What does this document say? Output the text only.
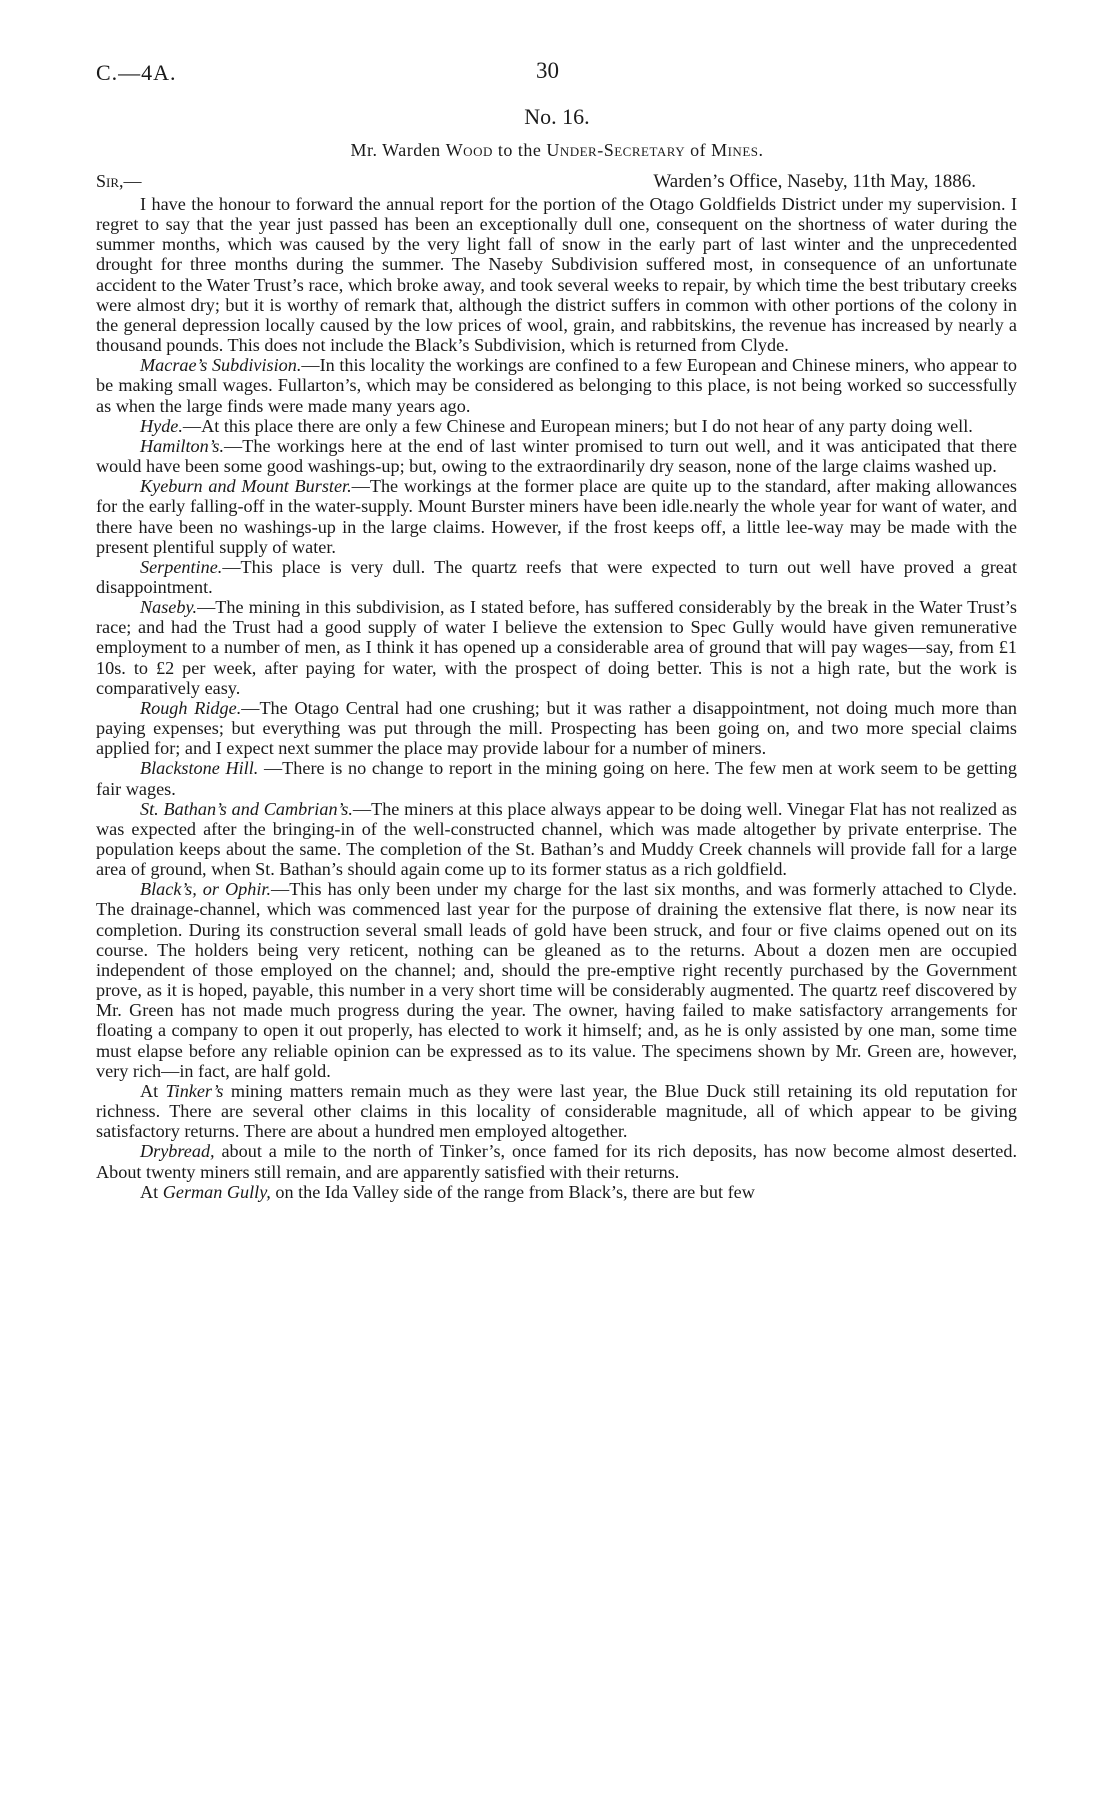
C.—4A.	30
No. 16.
Mr. Warden Wood to the Under-Secretary of Mines.
Sir,—	Warden’s Office, Naseby, 11th May, 1886.

I have the honour to forward the annual report for the portion of the Otago Goldfields District under my supervision. I regret to say that the year just passed has been an exceptionally dull one, consequent on the shortness of water during the summer months, which was caused by the very light fall of snow in the early part of last winter and the unprecedented drought for three months during the summer. The Naseby Subdivision suffered most, in consequence of an unfortunate accident to the Water Trust’s race, which broke away, and took several weeks to repair, by which time the best tributary creeks were almost dry; but it is worthy of remark that, although the district suffers in common with other portions of the colony in the general depression locally caused by the low prices of wool, grain, and rabbitskins, the revenue has increased by nearly a thousand pounds. This does not include the Black’s Subdivision, which is returned from Clyde.

Macrae’s Subdivision.—In this locality the workings are confined to a few European and Chinese miners, who appear to be making small wages. Fullarton’s, which may be considered as belonging to this place, is not being worked so successfully as when the large finds were made many years ago.

Hyde.—At this place there are only a few Chinese and European miners; but I do not hear of any party doing well.

Hamilton’s.—The workings here at the end of last winter promised to turn out well, and it was anticipated that there would have been some good washings-up; but, owing to the extraordinarily dry season, none of the large claims washed up.

Kyeburn and Mount Burster.—The workings at the former place are quite up to the standard, after making allowances for the early falling-off in the water-supply. Mount Burster miners have been idle.nearly the whole year for want of water, and there have been no washings-up in the large claims. However, if the frost keeps off, a little lee-way may be made with the present plentiful supply of water.

Serpentine.—This place is very dull. The quartz reefs that were expected to turn out well have proved a great disappointment.

Naseby.—The mining in this subdivision, as I stated before, has suffered considerably by the break in the Water Trust’s race; and had the Trust had a good supply of water I believe the extension to Spec Gully would have given remunerative employment to a number of men, as I think it has opened up a considerable area of ground that will pay wages—say, from £1 10s. to £2 per week, after paying for water, with the prospect of doing better. This is not a high rate, but the work is comparatively easy.

Rough Ridge.—The Otago Central had one crushing; but it was rather a disappointment, not doing much more than paying expenses; but everything was put through the mill. Prospecting has been going on, and two more special claims applied for; and I expect next summer the place may provide labour for a number of miners.

Blackstone Hill. —There is no change to report in the mining going on here. The few men at work seem to be getting fair wages.

St. Bathan’s and Cambrian’s.—The miners at this place always appear to be doing well. Vinegar Flat has not realized as was expected after the bringing-in of the well-constructed channel, which was made altogether by private enterprise. The population keeps about the same. The completion of the St. Bathan’s and Muddy Creek channels will provide fall for a large area of ground, when St. Bathan’s should again come up to its former status as a rich goldfield.

Black’s, or Ophir.—This has only been under my charge for the last six months, and was formerly attached to Clyde. The drainage-channel, which was commenced last year for the purpose of draining the extensive flat there, is now near its completion. During its construction several small leads of gold have been struck, and four or five claims opened out on its course. The holders being very reticent, nothing can be gleaned as to the returns. About a dozen men are occupied independent of those employed on the channel; and, should the pre-emptive right recently purchased by the Government prove, as it is hoped, payable, this number in a very short time will be considerably augmented. The quartz reef discovered by Mr. Green has not made much progress during the year. The owner, having failed to make satisfactory arrangements for floating a company to open it out properly, has elected to work it himself; and, as he is only assisted by one man, some time must elapse before any reliable opinion can be expressed as to its value. The specimens shown by Mr. Green are, however, very rich—in fact, are half gold.

At Tinker’s mining matters remain much as they were last year, the Blue Duck still retaining its old reputation for richness. There are several other claims in this locality of considerable magnitude, all of which appear to be giving satisfactory returns. There are about a hundred men employed altogether.

Drybread, about a mile to the north of Tinker’s, once famed for its rich deposits, has now become almost deserted. About twenty miners still remain, and are apparently satisfied with their returns.

At German Gully, on the Ida Valley side of the range from Black’s, there are but few
